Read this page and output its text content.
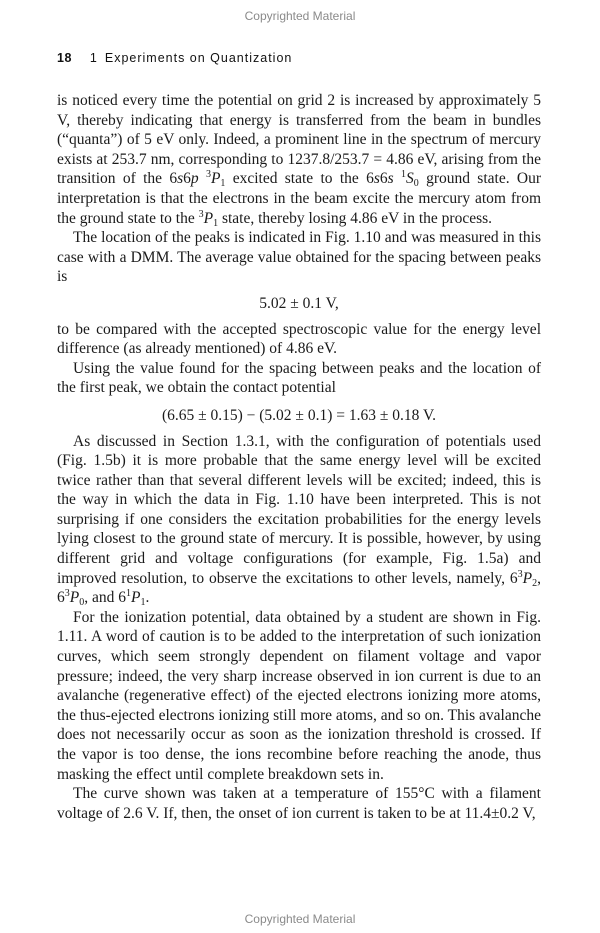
Copyrighted Material
18 1 Experiments on Quantization

is noticed every time the potential on grid 2 is increased by approximately 5 V, thereby indicating that energy is transferred from the beam in bundles (“quanta”) of 5 eV only. Indeed, a prominent line in the spectrum of mercury exists at 253.7 nm, corresponding to 1237.8/253.7 = 4.86 eV, arising from the transition of the 6s6p $^3P_1$ excited state to the 6s6s $^1S_0$ ground state. Our interpretation is that the electrons in the beam excite the mercury atom from the ground state to the $^3P_1$ state, thereby losing 4.86 eV in the process.

The location of the peaks is indicated in Fig. 1.10 and was measured in this case with a DMM. The average value obtained for the spacing between peaks is

5.02 ± 0.1 V,

to be compared with the accepted spectroscopic value for the energy level difference (as already mentioned) of 4.86 eV.

Using the value found for the spacing between peaks and the location of the first peak, we obtain the contact potential

(6.65 ± 0.15) − (5.02 ± 0.1) = 1.63 ± 0.18 V.

As discussed in Section 1.3.1, with the configuration of potentials used (Fig. 1.5b) it is more probable that the same energy level will be excited twice rather than that several different levels will be excited; indeed, this is the way in which the data in Fig. 1.10 have been interpreted. This is not surprising if one considers the excitation probabilities for the energy levels lying closest to the ground state of mercury. It is possible, however, by using different grid and voltage configurations (for example, Fig. 1.5a) and improved resolution, to observe the excitations to other levels, namely, $6^3P_2$, $6^3P_0$, and $6^1P_1$.

For the ionization potential, data obtained by a student are shown in Fig. 1.11. A word of caution is to be added to the interpretation of such ionization curves, which seem strongly dependent on filament voltage and vapor pressure; indeed, the very sharp increase observed in ion current is due to an avalanche (regenerative effect) of the ejected electrons ionizing more atoms, the thus-ejected electrons ionizing still more atoms, and so on. This avalanche does not necessarily occur as soon as the ionization threshold is crossed. If the vapor is too dense, the ions recombine before reaching the anode, thus masking the effect until complete breakdown sets in.

The curve shown was taken at a temperature of 155°C with a filament voltage of 2.6 V. If, then, the onset of ion current is taken to be at 11.4±0.2 V,

Copyrighted Material
